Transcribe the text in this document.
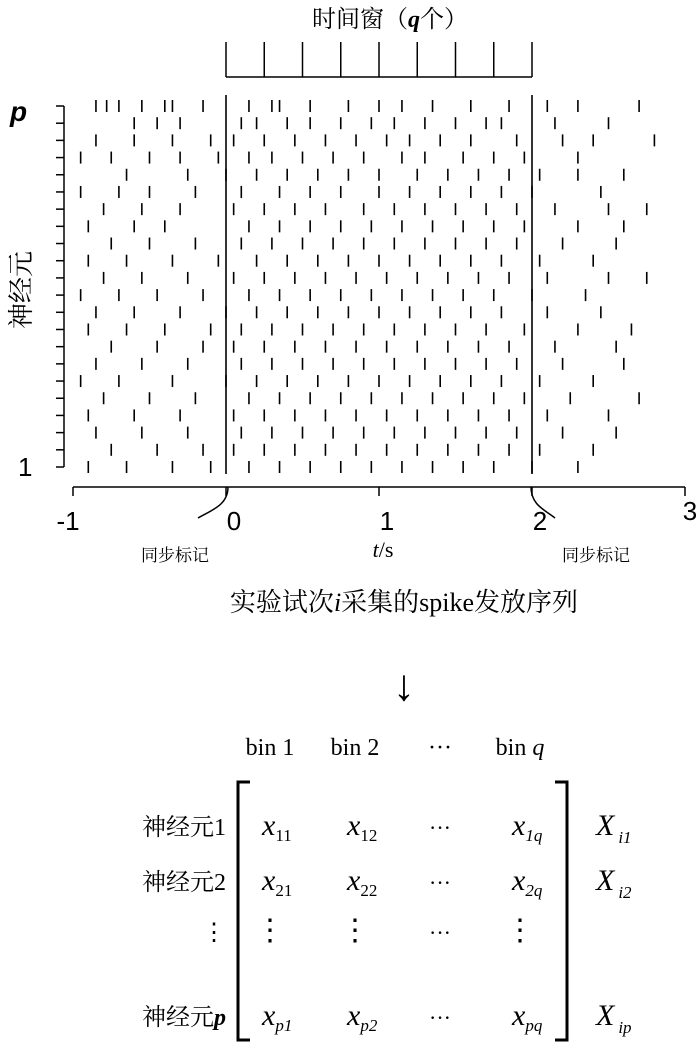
时间窗（q个）
p
1
神经元
-1	0	1	2	3
同步标记	同步标记
t/s
实验试次i采集的spike发放序列
↓
bin 1 bin 2 ··· bin q
神经元1 $x_{11}$ $x_{12}$ ··· $x_{1q}$ X $_{i1}$
神经元2 $x_{21}$ $x_{22}$ ··· $x_{2q}$ X $_{i2}$
⋮ ⋮ ⋮	··· ⋮
神经元p $x_{p1}$ $x_{p2}$ ··· $x_{pq}$ X $_{ip}$
